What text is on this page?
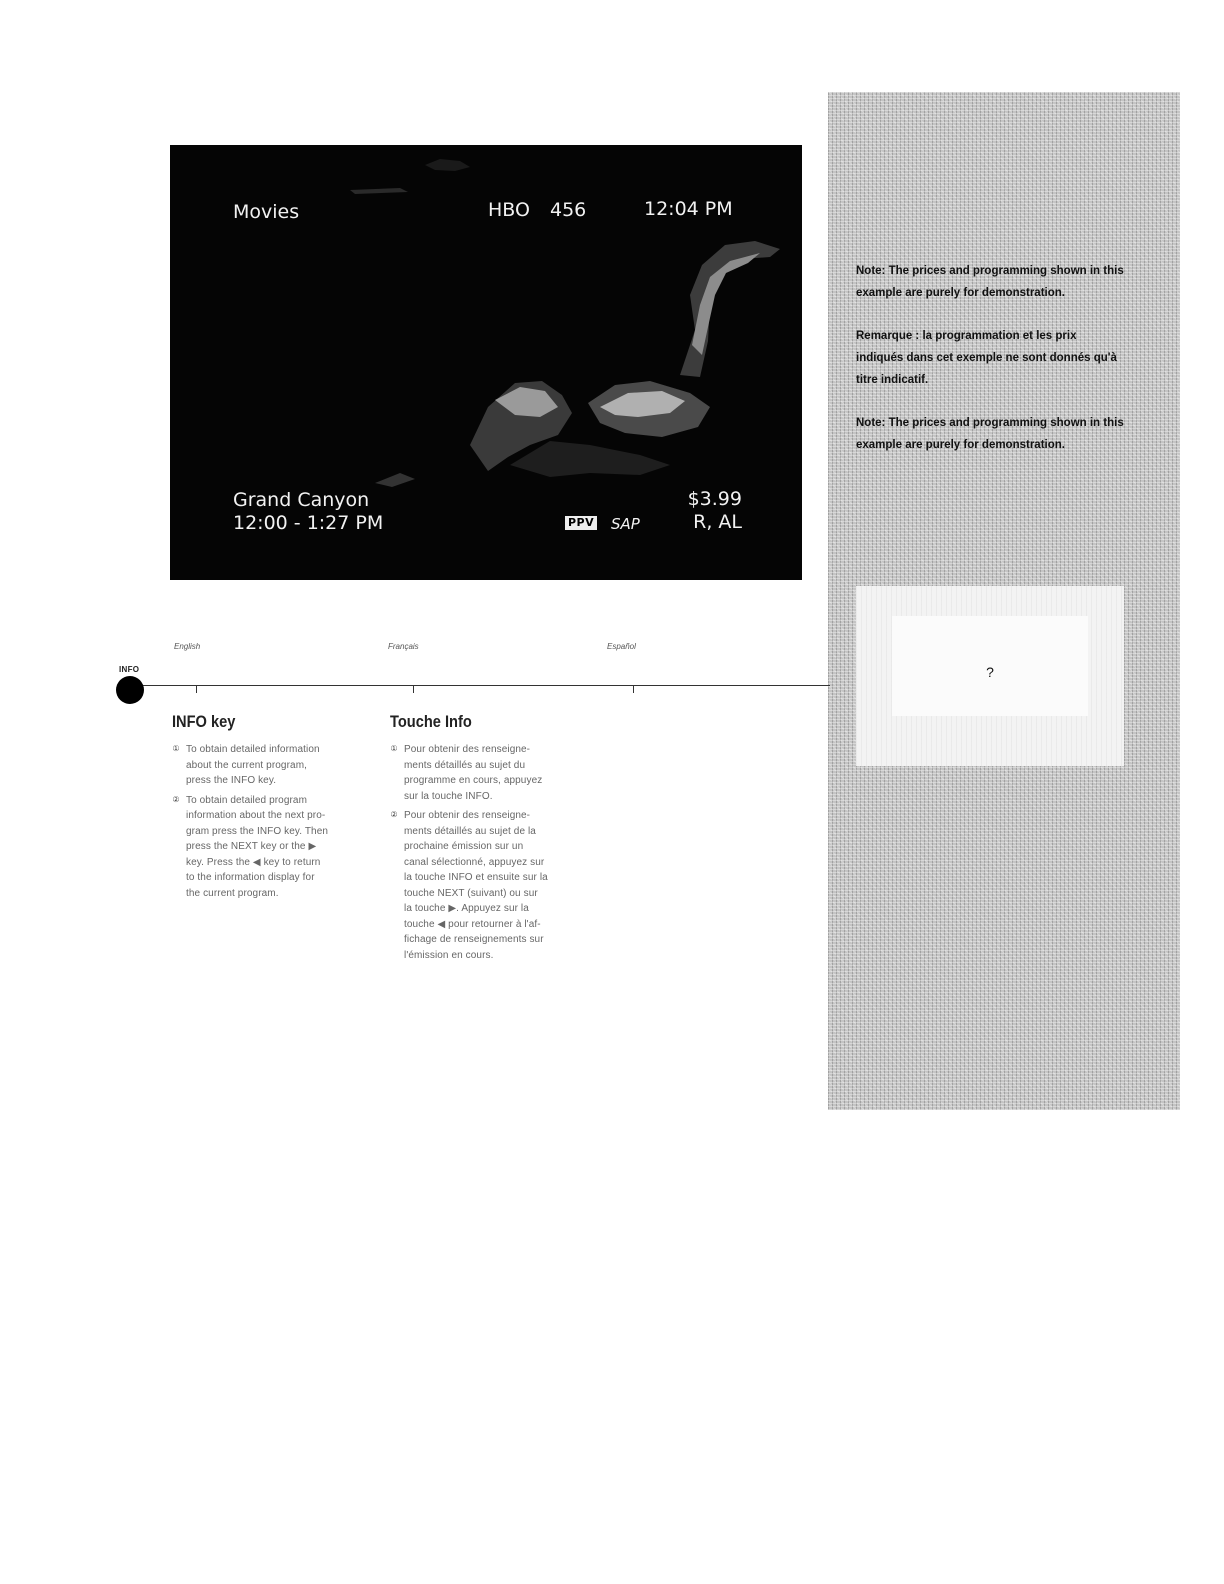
Movies	HBO 456	12:04 PM
Grand Canyon
12:00 - 1:27 PM	PPV SAP
$3.99
R, AL

Note: The prices and programming shown in this example are purely for demonstration.

Remarque : la programmation et les prix indiqués dans cet exemple ne sont donnés qu'à titre indicatif.

Note: The prices and programming shown in this example are purely for demonstration.

?
English	Français	Español
INFO
INFO key
① To obtain detailed information
about the current program,
press the INFO key.
② To obtain detailed program
information about the next pro-
gram press the INFO key. Then
press the NEXT key or the ▶
key. Press the ◀ key to return
to the information display for
the current program.
Touche Info
① Pour obtenir des renseigne-
ments détaillés au sujet du
programme en cours, appuyez
sur la touche INFO.
② Pour obtenir des renseigne-
ments détaillés au sujet de la
prochaine émission sur un
canal sélectionné, appuyez sur
la touche INFO et ensuite sur la
touche NEXT (suivant) ou sur
la touche ▶. Appuyez sur la
touche ◀ pour retourner à l'af-
fichage de renseignements sur
l'émission en cours.
